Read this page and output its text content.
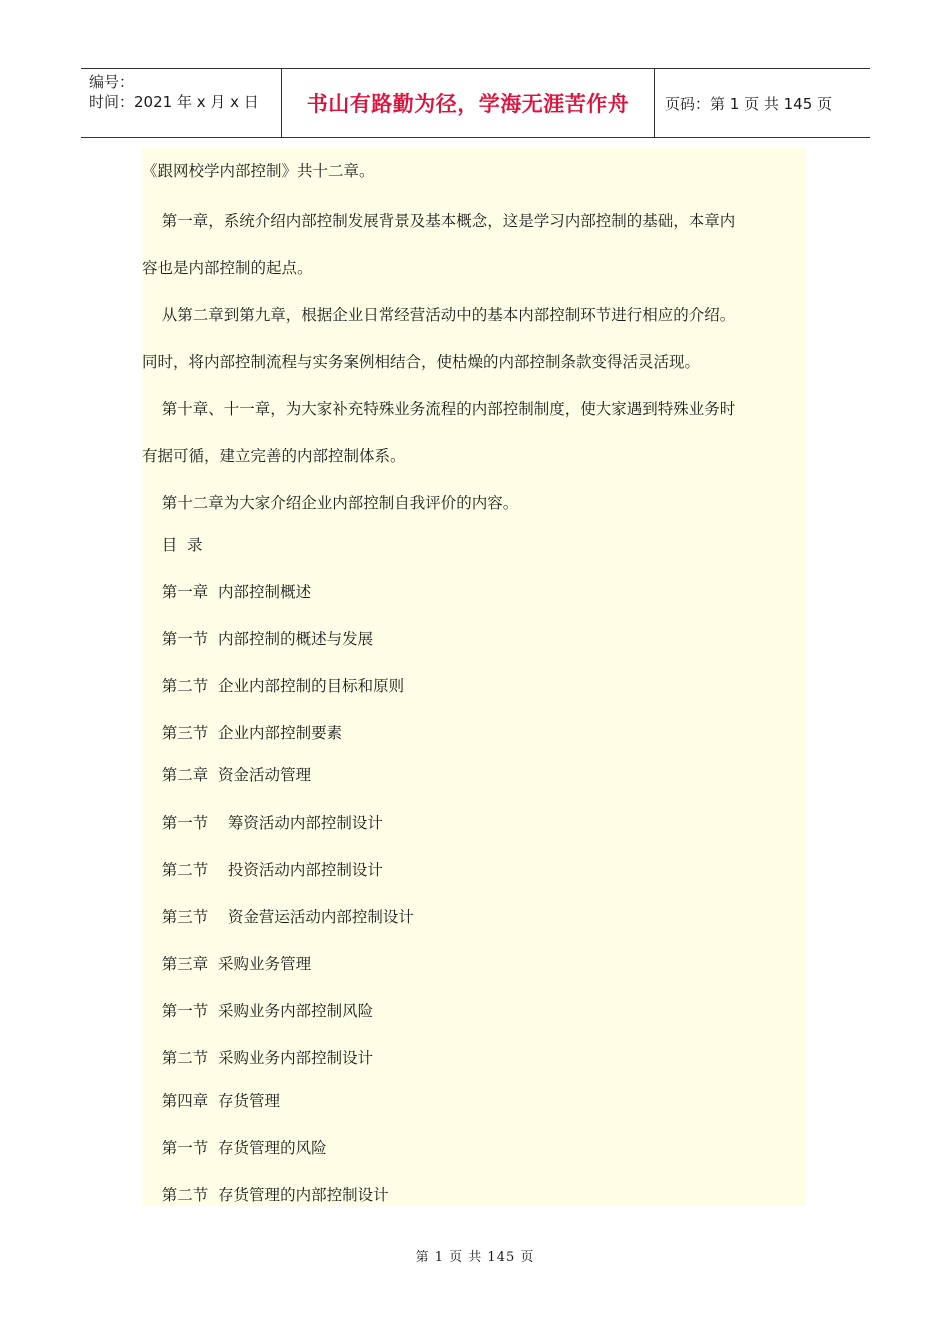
编号：
时间：2021 年 x 月 x 日	书山有路勤为径，学海无涯苦作舟	页码：第 1 页 共 145 页
《跟网校学内部控制》共十二章。
第一章，系统介绍内部控制发展背景及基本概念，这是学习内部控制的基础，本章内
容也是内部控制的起点。
从第二章到第九章，根据企业日常经营活动中的基本内部控制环节进行相应的介绍。
同时，将内部控制流程与实务案例相结合，使枯燥的内部控制条款变得活灵活现。
第十章、十一章，为大家补充特殊业务流程的内部控制制度，使大家遇到特殊业务时
有据可循，建立完善的内部控制体系。
第十二章为大家介绍企业内部控制自我评价的内容。
目  录
第一章  内部控制概述
第一节  内部控制的概述与发展
第二节  企业内部控制的目标和原则
第三节  企业内部控制要素
第二章  资金活动管理
第一节    筹资活动内部控制设计
第二节    投资活动内部控制设计
第三节    资金营运活动内部控制设计
第三章  采购业务管理
第一节  采购业务内部控制风险
第二节  采购业务内部控制设计
第四章  存货管理
第一节  存货管理的风险
第二节  存货管理的内部控制设计
第 1 页 共 145 页
